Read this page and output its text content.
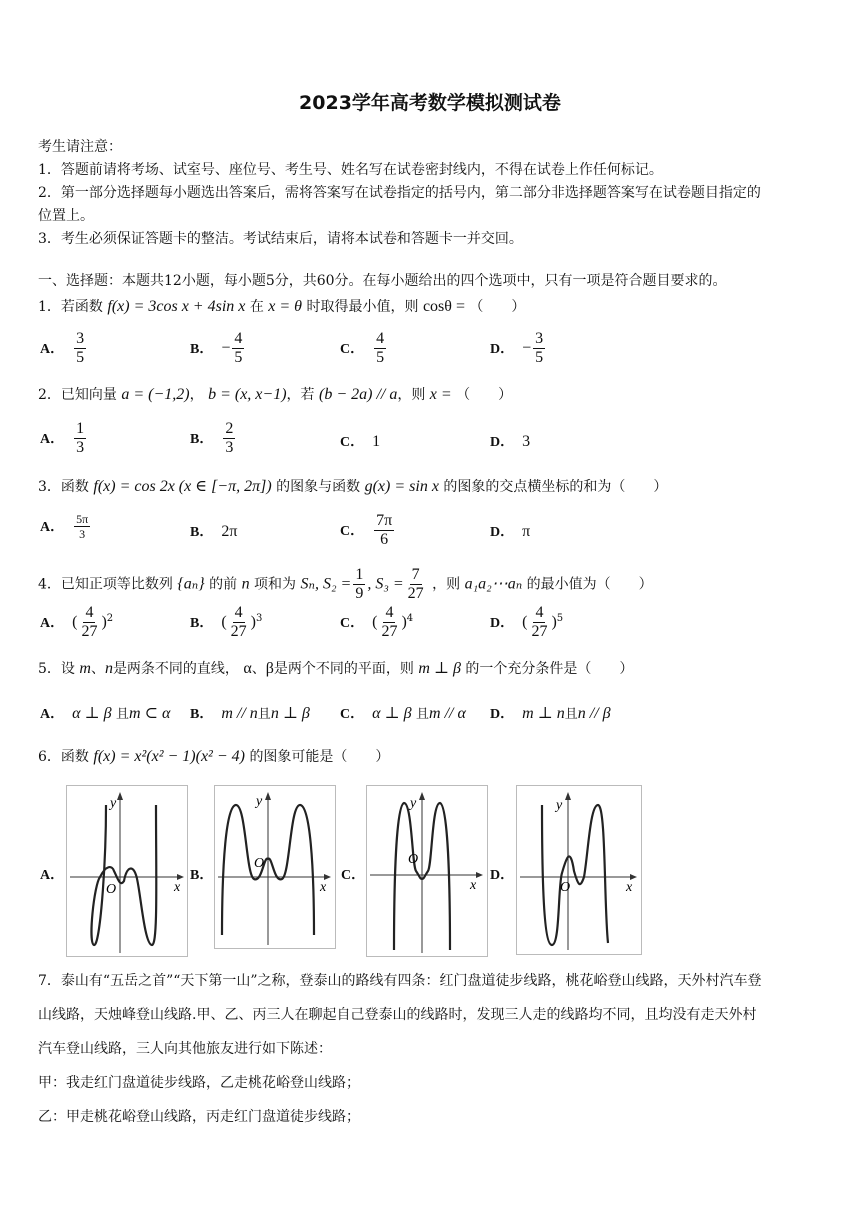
2023学年高考数学模拟测试卷
考生请注意：
1．答题前请将考场、试室号、座位号、考生号、姓名写在试卷密封线内，不得在试卷上作任何标记。
2．第一部分选择题每小题选出答案后，需将答案写在试卷指定的括号内，第二部分非选择题答案写在试卷题目指定的
位置上。
3．考生必须保证答题卡的整洁。考试结束后，请将本试卷和答题卡一并交回。
一、选择题：本题共12小题，每小题5分，共60分。在每小题给出的四个选项中，只有一项是符合题目要求的。
1．若函数 f(x) = 3cos x + 4sin x 在 x = θ 时取得最小值，则 cosθ = （　　）
A． $\frac{3}{5}$	B． − $\frac{4}{5}$	C． $\frac{4}{5}$	D． − $\frac{3}{5}$
2．已知向量 a = (−1,2)， b = (x, x−1)，若 (b − 2a) // a，则 x = （　　）
A． $\frac{1}{3}$	B． $\frac{2}{3}$	C． 1	D． 3
3．函数 f(x) = cos 2x (x ∈ [−π, 2π]) 的图象与函数 g(x) = sin x 的图象的交点横坐标的和为（　　）
A． $\frac{5\pi}{3}$	B． 2π	C． $\frac{7\pi}{6}$	D． π
4．已知正项等比数列 {aₙ} 的前 n 项和为 Sₙ, $S_2 = \frac{1}{9}$ , $S_3 = \frac{7}{27}$ ，则 a₁a₂⋯aₙ 的最小值为（　　）
A． ( $\frac{4}{27} )^2$	B． ( $\frac{4}{27} )^3$	C． ( $\frac{4}{27} )^4$	D． ( $\frac{4}{27} )^5$
5．设 m、n是两条不同的直线， α、β是两个不同的平面，则 m ⊥ β 的一个充分条件是（　　）
A． α ⊥ β 且m ⊂ α B． m // n且n ⊥ β C． α ⊥ β 且m // α D． m ⊥ n且n // β
6．函数 f(x) = x²(x² − 1)(x² − 4) 的图象可能是（　　）
A．	B．	C．	D．
y
x
O
y
x
O
y
x
O
y
x
O
7．泰山有“五岳之首”“天下第一山”之称，登泰山的路线有四条：红门盘道徒步线路，桃花峪登山线路，天外村汽车登
山线路，天烛峰登山线路.甲、乙、丙三人在聊起自己登泰山的线路时，发现三人走的线路均不同，且均没有走天外村
汽车登山线路，三人向其他旅友进行如下陈述：
甲：我走红门盘道徒步线路，乙走桃花峪登山线路；
乙：甲走桃花峪登山线路，丙走红门盘道徒步线路；
